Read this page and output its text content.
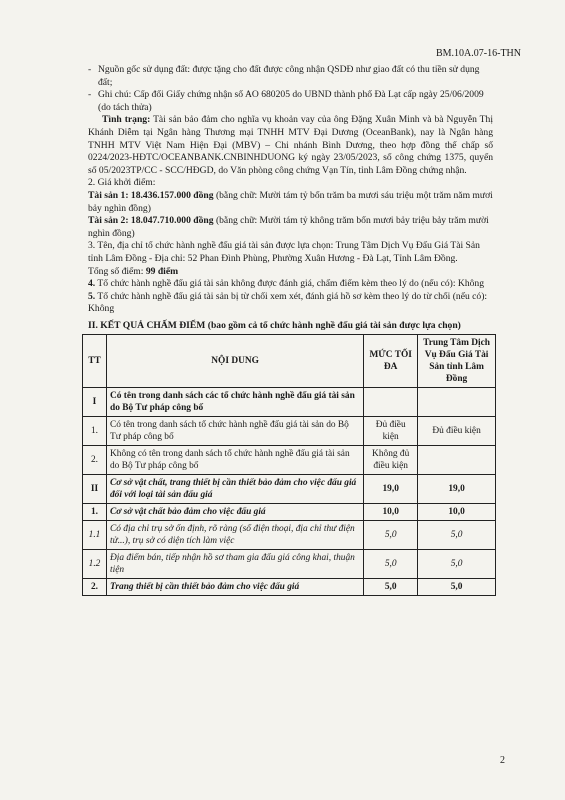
BM.10A.07-16-THN

- Nguồn gốc sử dụng đất: được tặng cho đất được công nhận QSDĐ như giao đất có thu tiền sử dụng đất;

- Ghi chú: Cấp đổi Giấy chứng nhận số AO 680205 do UBND thành phố Đà Lạt cấp ngày 25/06/2009 (do tách thửa)

Tình trạng: Tài sản bảo đảm cho nghĩa vụ khoản vay của ông Đặng Xuân Minh và bà Nguyễn Thị Khánh Diễm tại Ngân hàng Thương mại TNHH MTV Đại Dương (OceanBank), nay là Ngân hàng TNHH MTV Việt Nam Hiện Đại (MBV) – Chi nhánh Bình Dương, theo hợp đồng thế chấp số 0224/2023-HĐTC/OCEANBANK.CNBINHDUONG ký ngày 23/05/2023, số công chứng 1375, quyển số 05/2023TP/CC - SCC/HĐGD, do Văn phòng công chứng Vạn Tín, tỉnh Lâm Đồng chứng nhận.

2. Giá khởi điểm:

Tài sản 1: 18.436.157.000 đồng (bằng chữ: Mười tám tỷ bốn trăm ba mươi sáu triệu một trăm năm mươi bảy nghìn đồng)

Tài sản 2: 18.047.710.000 đồng (bằng chữ: Mười tám tỷ không trăm bốn mươi bảy triệu bảy trăm mười nghìn đồng)

3. Tên, địa chỉ tổ chức hành nghề đấu giá tài sản được lựa chọn: Trung Tâm Dịch Vụ Đấu Giá Tài Sản tỉnh Lâm Đồng - Địa chỉ: 52 Phan Đình Phùng, Phường Xuân Hương - Đà Lạt, Tỉnh Lâm Đồng.

Tổng số điểm: 99 điểm

4. Tổ chức hành nghề đấu giá tài sản không được đánh giá, chấm điểm kèm theo lý do (nếu có): Không

5. Tổ chức hành nghề đấu giá tài sản bị từ chối xem xét, đánh giá hồ sơ kèm theo lý do từ chối (nếu có): Không

II. KẾT QUẢ CHẤM ĐIỂM (bao gồm cả tổ chức hành nghề đấu giá tài sản được lựa chọn)

TT	NỘI DUNG	MỨC TỐI ĐA	Trung Tâm Dịch Vụ Đấu Giá Tài Sản tỉnh Lâm Đồng
I	Có tên trong danh sách các tổ chức hành nghề đấu giá tài sản do Bộ Tư pháp công bố		
1.	Có tên trong danh sách tổ chức hành nghề đấu giá tài sản do Bộ Tư pháp công bố	Đủ điều kiện	Đủ điều kiện
2.	Không có tên trong danh sách tổ chức hành nghề đấu giá tài sản do Bộ Tư pháp công bố	Không đủ điều kiện	
II	Cơ sở vật chất, trang thiết bị cần thiết bảo đảm cho việc đấu giá đối với loại tài sản đấu giá	19,0	19,0
1.	Cơ sở vật chất bảo đảm cho việc đấu giá	10,0	10,0
1.1	Có địa chỉ trụ sở ổn định, rõ ràng (số điện thoại, địa chỉ thư điện tử...), trụ sở có diện tích làm việc	5,0	5,0
1.2	Địa điểm bán, tiếp nhận hồ sơ tham gia đấu giá công khai, thuận tiện	5,0	5,0
2.	Trang thiết bị cần thiết bảo đảm cho việc đấu giá	5,0	5,0
2
